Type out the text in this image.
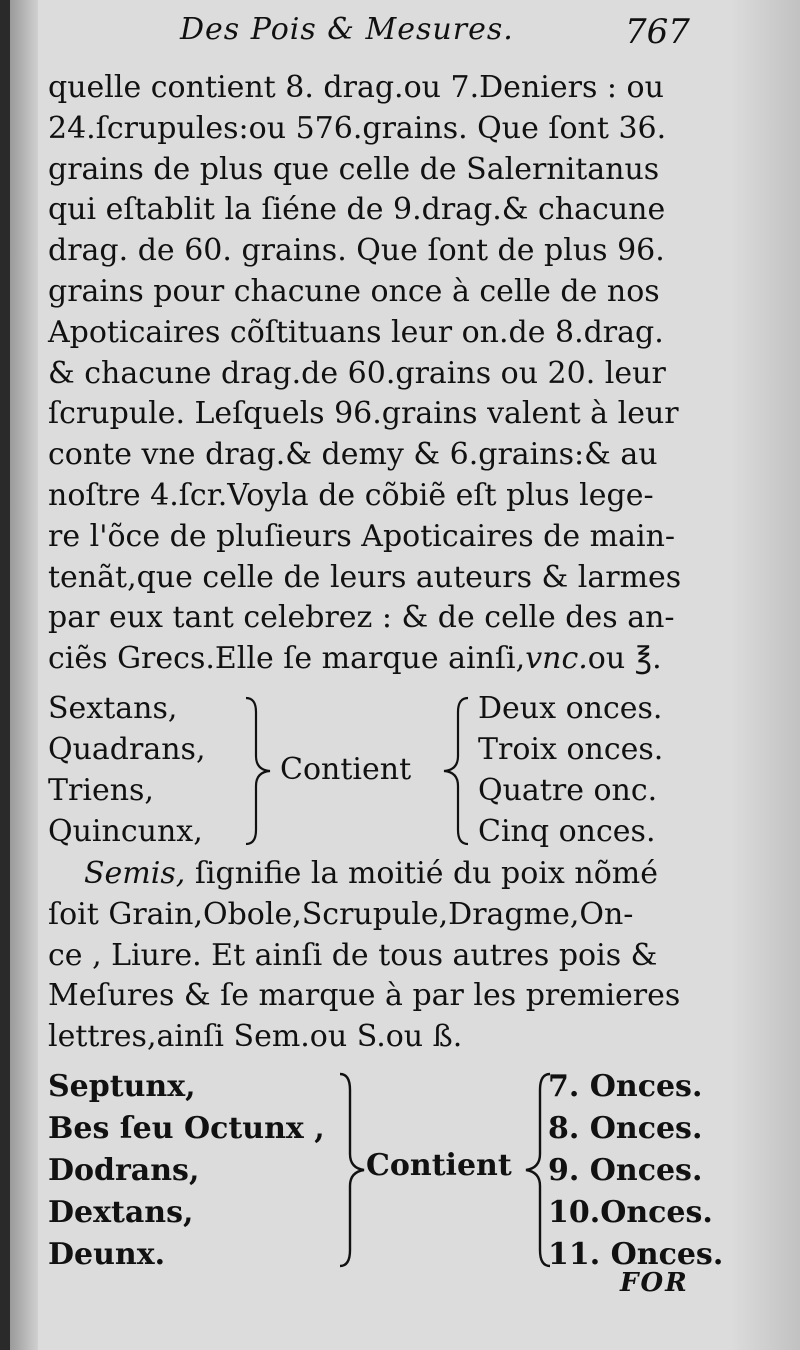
Des Pois & Mesures.	767
quelle contient 8. drag.ou 7.Deniers : ou
24.ſcrupules:ou 576.grains. Que ſont 36.
grains de plus que celle de Salernitanus
qui eſtablit la ſiéne de 9.drag.& chacune
drag. de 60. grains. Que ſont de plus 96.
grains pour chacune once à celle de nos
Apoticaires cõſtituans leur on.de 8.drag.
& chacune drag.de 60.grains ou 20. leur
ſcrupule. Leſquels 96.grains valent à leur
conte vne drag.& demy & 6.grains:& au
noſtre 4.ſcr.Voyla de cõbiẽ eſt plus lege-
re l'õce de pluſieurs Apoticaires de main-
tenãt,que celle de leurs auteurs & larmes
par eux tant celebrez : & de celle des an-
ciẽs Grecs.Elle ſe marque ainſi,vnc.ou ℥.
Sextans,
Quadrans,
Triens,
Quincunx,
Contient
Deux onces.
Troix onces.
Quatre onc.
Cinq onces.
Semis, ſignifie la moitié du poix nõmé
ſoit Grain,Obole,Scrupule,Dragme,On-
ce , Liure. Et ainſi de tous autres pois &
Meſures & ſe marque à par les premieres
lettres,ainſi Sem.ou S.ou ß.
Septunx,
Bes ſeu Octunx ,
Dodrans,
Dextans,
Deunx.
Contient
7. Onces.
8. Onces.
9. Onces.
10.Onces.
11. Onces.
FOR
